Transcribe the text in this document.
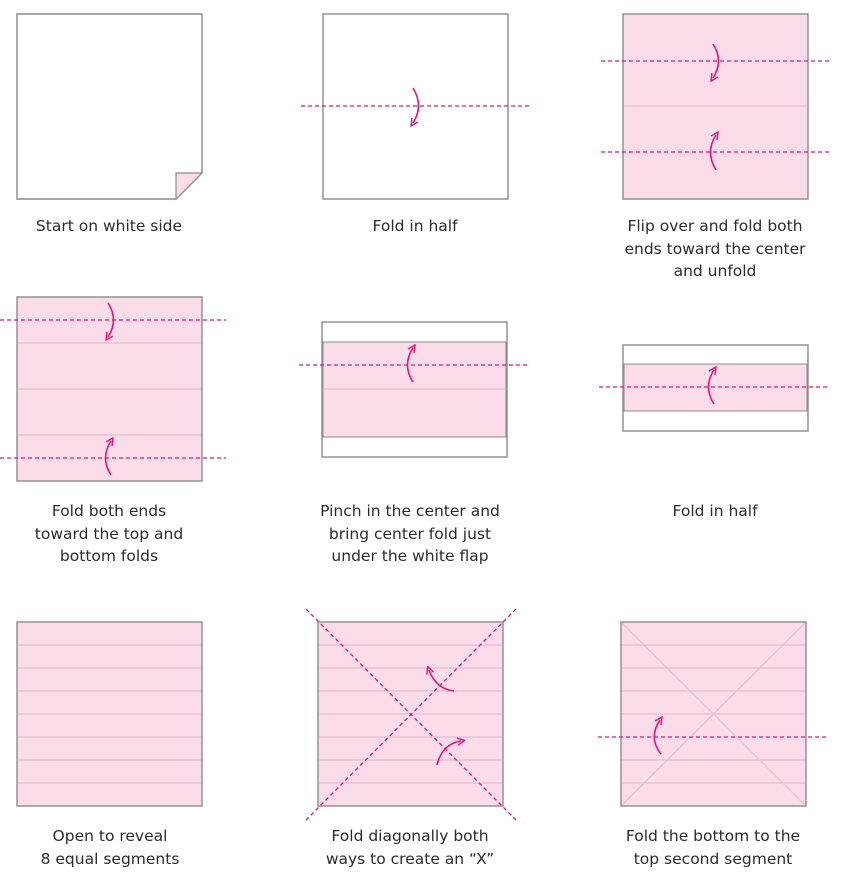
Start on white side	Fold in half	Flip over and fold both
ends toward the center
and unfold
Fold both ends
toward the top and
bottom folds
Pinch in the center and
bring center fold just
under the white flap
Fold in half
Open to reveal
8 equal segments
Fold diagonally both
ways to create an “X”
Fold the bottom to the
top second segment
